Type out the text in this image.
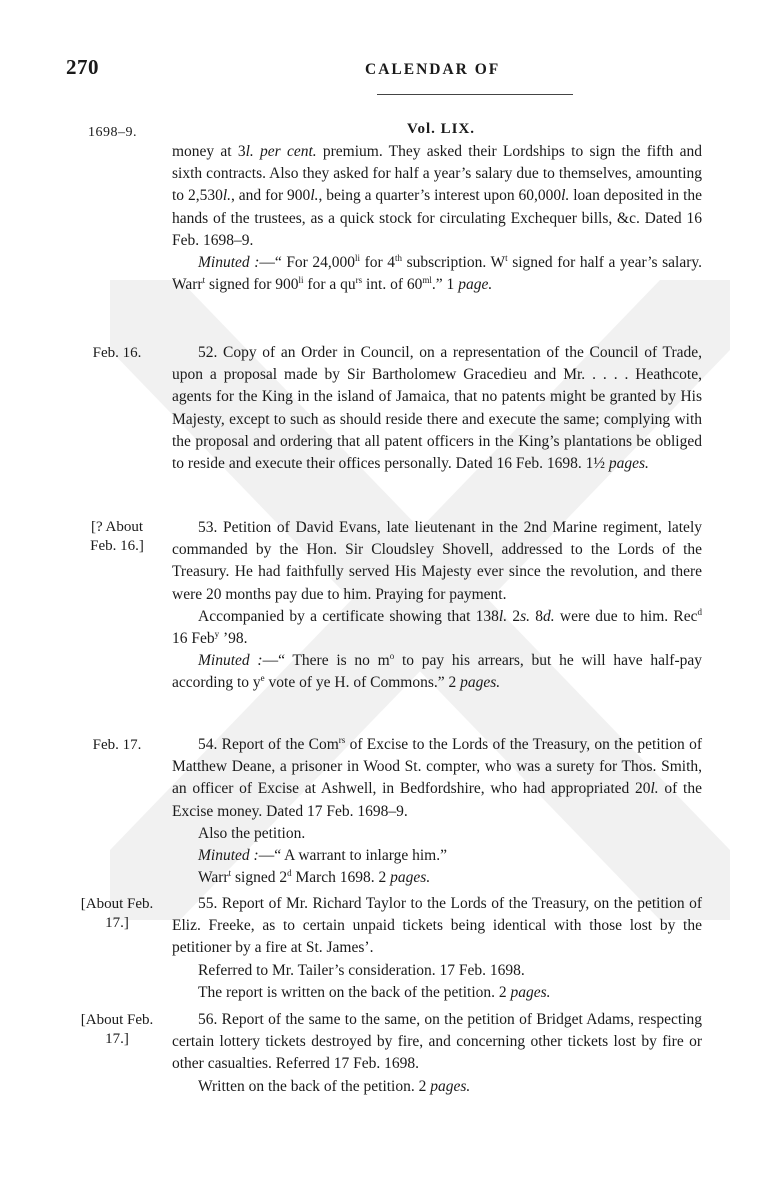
270	CALENDAR OF
1698–9.	Vol. LIX.

money at 3l. per cent. premium. They asked their Lordships to sign the fifth and sixth contracts. Also they asked for half a year’s salary due to themselves, amounting to 2,530l., and for 900l., being a quarter’s interest upon 60,000l. loan deposited in the hands of the trustees, as a quick stock for circulating Exchequer bills, &c. Dated 16 Feb. 1698–9.

Minuted :—“ For $24,000^{li}$ for 4th subscription. $W^t$ signed for half a year’s salary. Warr$^t$ signed for $900^{li}$ for a $qu^{rs}$ int. of $60^{ml}$.” 1 page.

Feb. 16.	52. Copy of an Order in Council, on a representation of the Council of Trade, upon a proposal made by Sir Bartholomew Gracedieu and Mr. . . . . Heathcote, agents for the King in the island of Jamaica, that no patents might be granted by His Majesty, except to such as should reside there and execute the same; complying with the proposal and ordering that all patent officers in the King’s plantations be obliged to reside and execute their offices personally. Dated 16 Feb. 1698. 1½ pages.

[? About Feb. 16.]

53. Petition of David Evans, late lieutenant in the 2nd Marine regiment, lately commanded by the Hon. Sir Cloudsley Shovell, addressed to the Lords of the Treasury. He had faithfully served His Majesty ever since the revolution, and there were 20 months pay due to him. Praying for payment.

Accompanied by a certificate showing that 138l. 2s. 8d. were due to him. Rec$^d$ 16 Feb$^y$ ’98.

Minuted :—“ There is no $m^o$ to pay his arrears, but he will have half-pay according to $y^e$ vote of ye H. of Commons.” 2 pages.

Feb. 17.	54. Report of the Com$^{rs}$ of Excise to the Lords of the Treasury, on the petition of Matthew Deane, a prisoner in Wood St. compter, who was a surety for Thos. Smith, an officer of Excise at Ashwell, in Bedfordshire, who had appropriated 20l. of the Excise money. Dated 17 Feb. 1698–9.

Also the petition.

Minuted :—“ A warrant to inlarge him.”

Warr$^t$ signed 2$^d$ March 1698. 2 pages.

[About Feb. 17.]

55. Report of Mr. Richard Taylor to the Lords of the Treasury, on the petition of Eliz. Freeke, as to certain unpaid tickets being identical with those lost by the petitioner by a fire at St. James’.

Referred to Mr. Tailer’s consideration. 17 Feb. 1698.

The report is written on the back of the petition. 2 pages.

[About Feb. 17.]

56. Report of the same to the same, on the petition of Bridget Adams, respecting certain lottery tickets destroyed by fire, and concerning other tickets lost by fire or other casualties. Referred 17 Feb. 1698.

Written on the back of the petition. 2 pages.
